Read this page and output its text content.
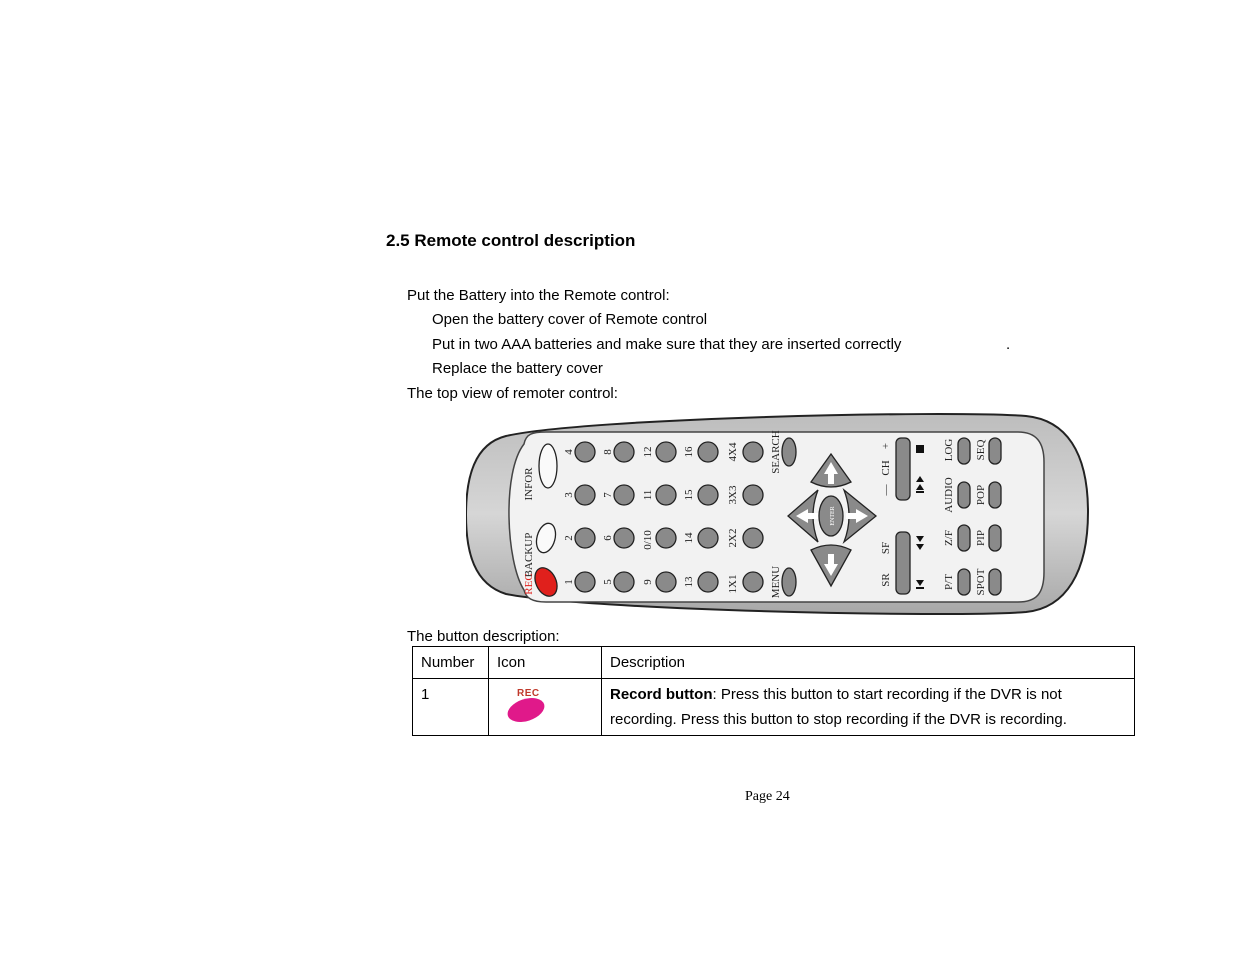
2.5 Remote control description
Put the Battery into the Remote control:
Open the battery cover of Remote control
Put in two AAA batteries and make sure that they are inserted correctly	.
Replace the battery cover
The top view of remoter control:
INFOR
BACKUP
REC
4
3
2
1
8
7
6
5
12
11
0/10
9
16
15
14
13
4X4
3X3
2X2
1X1
SEARCH
MENU
ENTER
+
CH
—
SF
SR
LOG
AUDIO
Z/F
P/T
SEQ
POP
PIP
SPOT
The button description:
Number	Icon	Description
1	REC	Record button: Press this button to start recording if the DVR is not recording. Press this button to stop recording if the DVR is recording.
Page 24
